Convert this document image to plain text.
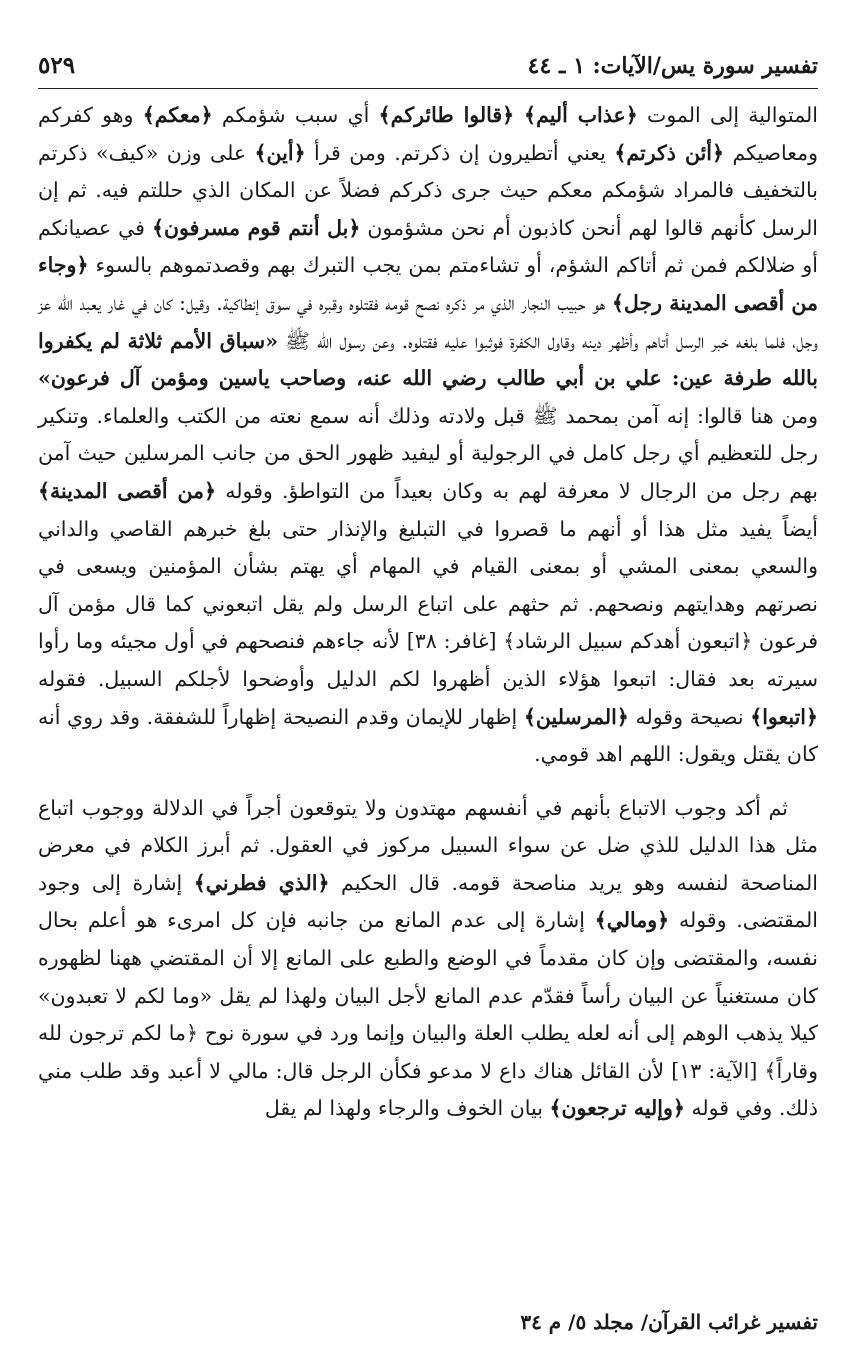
تفسير سورة يس/الآيات: ١ ـ ٤٤
٥٢٩

المتوالية إلى الموت ﴿عذاب أليم﴾ ﴿قالوا طائركم﴾ أي سبب شؤمكم ﴿معكم﴾ وهو كفركم ومعاصيكم ﴿أئن ذكرتم﴾ يعني أتطيرون إن ذكرتم. ومن قرأ ﴿أين﴾ على وزن «كيف» ذكرتم بالتخفيف فالمراد شؤمكم معكم حيث جرى ذكركم فضلاً عن المكان الذي حللتم فيه. ثم إن الرسل كأنهم قالوا لهم أنحن كاذبون أم نحن مشؤمون ﴿بل أنتم قوم مسرفون﴾ في عصيانكم أو ضلالكم فمن ثم أتاكم الشؤم، أو تشاءمتم بمن يجب التبرك بهم وقصدتموهم بالسوء ﴿وجاء من أقصى المدينة رجل﴾ هو حبيب النجار الذي مر ذكره نصح قومه فقتلوه وقبره في سوق إنطاكية. وقيل: كان في غار يعبد الله عز وجل، فلما بلغه خبر الرسل أتاهم وأظهر دينه وقاول الكفرة فوثبوا عليه فقتلوه. وعن رسول الله ﷺ «سباق الأمم ثلاثة لم يكفروا بالله طرفة عين: علي بن أبي طالب رضي الله عنه، وصاحب ياسين ومؤمن آل فرعون» ومن هنا قالوا: إنه آمن بمحمد ﷺ قبل ولادته وذلك أنه سمع نعته من الكتب والعلماء. وتنكير رجل للتعظيم أي رجل كامل في الرجولية أو ليفيد ظهور الحق من جانب المرسلين حيث آمن بهم رجل من الرجال لا معرفة لهم به وكان بعيداً من التواطؤ. وقوله ﴿من أقصى المدينة﴾ أيضاً يفيد مثل هذا أو أنهم ما قصروا في التبليغ والإنذار حتى بلغ خبرهم القاصي والداني والسعي بمعنى المشي أو بمعنى القيام في المهام أي يهتم بشأن المؤمنين ويسعى في نصرتهم وهدايتهم ونصحهم. ثم حثهم على اتباع الرسل ولم يقل اتبعوني كما قال مؤمن آل فرعون ﴿اتبعون أهدكم سبيل الرشاد﴾ [غافر: ٣٨] لأنه جاءهم فنصحهم في أول مجيئه وما رأوا سيرته بعد فقال: اتبعوا هؤلاء الذين أظهروا لكم الدليل وأوضحوا لأجلكم السبيل. فقوله ﴿اتبعوا﴾ نصيحة وقوله ﴿المرسلين﴾ إظهار للإيمان وقدم النصيحة إظهاراً للشفقة. وقد روي أنه كان يقتل ويقول: اللهم اهد قومي.

ثم أكد وجوب الاتباع بأنهم في أنفسهم مهتدون ولا يتوقعون أجراً في الدلالة ووجوب اتباع مثل هذا الدليل للذي ضل عن سواء السبيل مركوز في العقول. ثم أبرز الكلام في معرض المناصحة لنفسه وهو يريد مناصحة قومه. قال الحكيم ﴿الذي فطرني﴾ إشارة إلى وجود المقتضى. وقوله ﴿ومالي﴾ إشارة إلى عدم المانع من جانبه فإن كل امرىء هو أعلم بحال نفسه، والمقتضى وإن كان مقدماً في الوضع والطبع على المانع إلا أن المقتضي ههنا لظهوره كان مستغنياً عن البيان رأساً فقدّم عدم المانع لأجل البيان ولهذا لم يقل «وما لكم لا تعبدون» كيلا يذهب الوهم إلى أنه لعله يطلب العلة والبيان وإنما ورد في سورة نوح ﴿ما لكم ترجون لله وقاراً﴾ [الآية: ١٣] لأن القائل هناك داع لا مدعو فكأن الرجل قال: مالي لا أعبد وقد طلب مني ذلك. وفي قوله ﴿وإليه ترجعون﴾ بيان الخوف والرجاء ولهذا لم يقل

تفسير غرائب القرآن/ مجلد ٥/ م ٣٤
